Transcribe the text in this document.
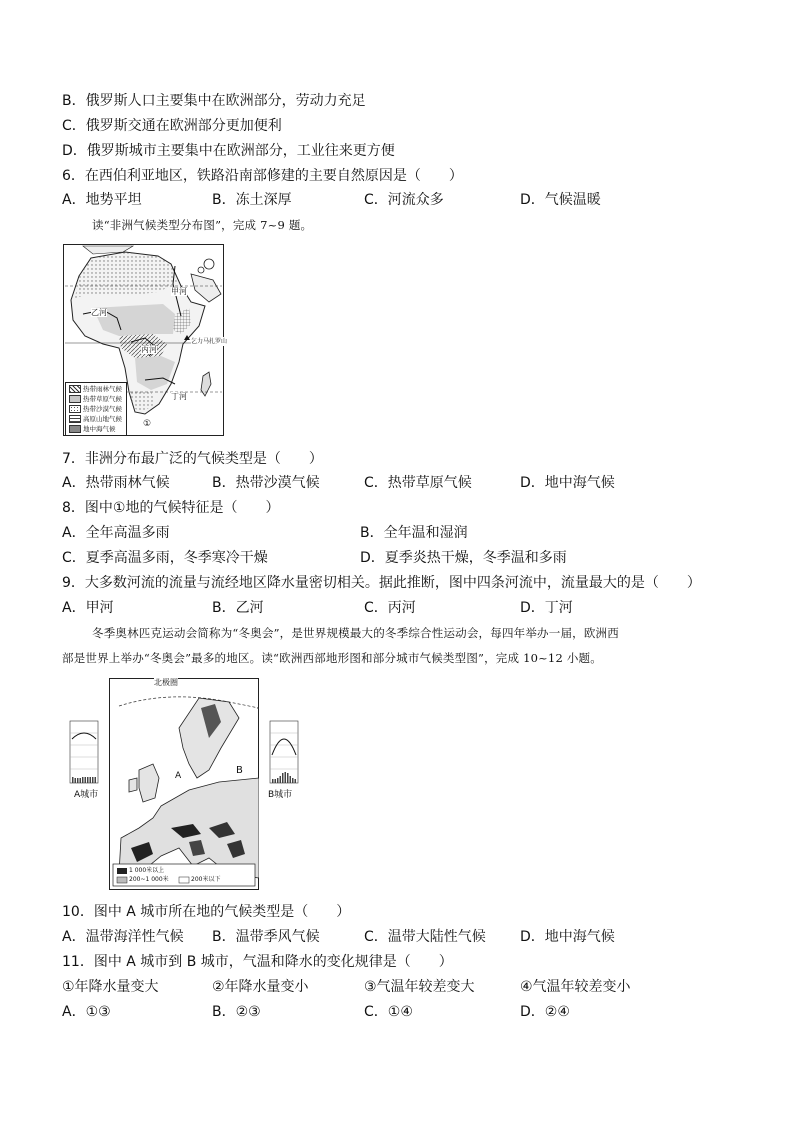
B．俄罗斯人口主要集中在欧洲部分，劳动力充足
C．俄罗斯交通在欧洲部分更加便利
D．俄罗斯城市主要集中在欧洲部分，工业往来更方便
6．在西伯利亚地区，铁路沿南部修建的主要自然原因是（　　）
A．地势平坦	B．冻土深厚	C．河流众多	D．气候温暖
读“非洲气候类型分布图”，完成 7~9 题。
甲河
乙河
丙河
乞力马扎罗山
丁河
①
热带雨林气候
热带草原气候
热带沙漠气候
高原山地气候
地中海气候
7．非洲分布最广泛的气候类型是（　　）
A．热带雨林气候	B．热带沙漠气候	C．热带草原气候	D．地中海气候
8．图中①地的气候特征是（　　）
A．全年高温多雨	B．全年温和湿润
C．夏季高温多雨，冬季寒冷干燥	D．夏季炎热干燥，冬季温和多雨
9．大多数河流的流量与流经地区降水量密切相关。据此推断，图中四条河流中，流量最大的是（　　）
A．甲河	B．乙河	C．丙河	D．丁河
冬季奥林匹克运动会简称为“冬奥会”，是世界规模最大的冬季综合性运动会，每四年举办一届，欧洲西
部是世界上举办“冬奥会”最多的地区。读“欧洲西部地形图和部分城市气候类型图”，完成 10~12 小题。
A城市
北极圈
A	B
1 000米以上
200~1 000米	200米以下
B城市
10．图中 A 城市所在地的气候类型是（　　）
A．温带海洋性气候 B．温带季风气候	C．温带大陆性气候 D．地中海气候
11．图中 A 城市到 B 城市，气温和降水的变化规律是（　　）
①年降水量变大	②年降水量变小	③气温年较差变大	④气温年较差变小
A．①③	B．②③	C．①④	D．②④
